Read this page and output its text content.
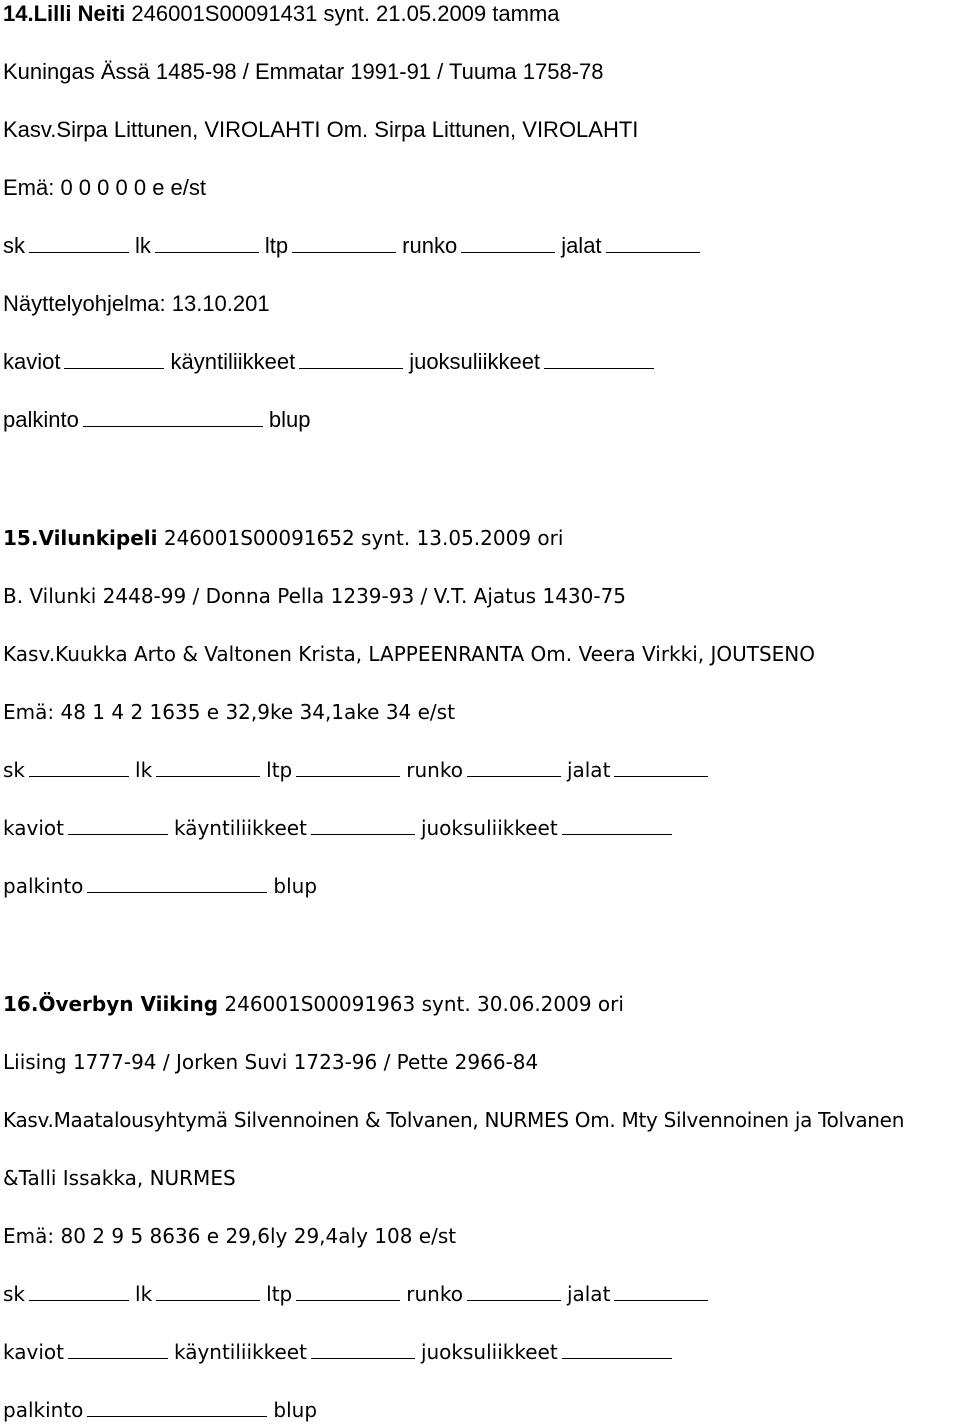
14.Lilli Neiti 246001S00091431 synt. 21.05.2009 tamma
Kuningas Ässä 1485-98 / Emmatar 1991-91 / Tuuma 1758-78
Kasv.Sirpa Littunen, VIROLAHTI Om. Sirpa Littunen, VIROLAHTI
Emä: 0 0 0 0 0 e e/st
sk	lk	ltp	runko	jalat
Näyttelyohjelma: 13.10.201
kaviot	käyntiliikkeet	juoksuliikkeet
palkinto	blup
15.Vilunkipeli 246001S00091652 synt. 13.05.2009 ori
B. Vilunki 2448-99 / Donna Pella 1239-93 / V.T. Ajatus 1430-75
Kasv.Kuukka Arto & Valtonen Krista, LAPPEENRANTA Om. Veera Virkki, JOUTSENO
Emä: 48 1 4 2 1635 e 32,9ke 34,1ake 34 e/st
sk	lk	ltp	runko	jalat
kaviot	käyntiliikkeet	juoksuliikkeet
palkinto	blup
16.Överbyn Viiking 246001S00091963 synt. 30.06.2009 ori
Liising 1777-94 / Jorken Suvi 1723-96 / Pette 2966-84
Kasv.Maatalousyhtymä Silvennoinen & Tolvanen, NURMES Om. Mty Silvennoinen ja Tolvanen
&Talli Issakka, NURMES
Emä: 80 2 9 5 8636 e 29,6ly 29,4aly 108 e/st
sk	lk	ltp	runko	jalat
kaviot	käyntiliikkeet	juoksuliikkeet
palkinto	blup
